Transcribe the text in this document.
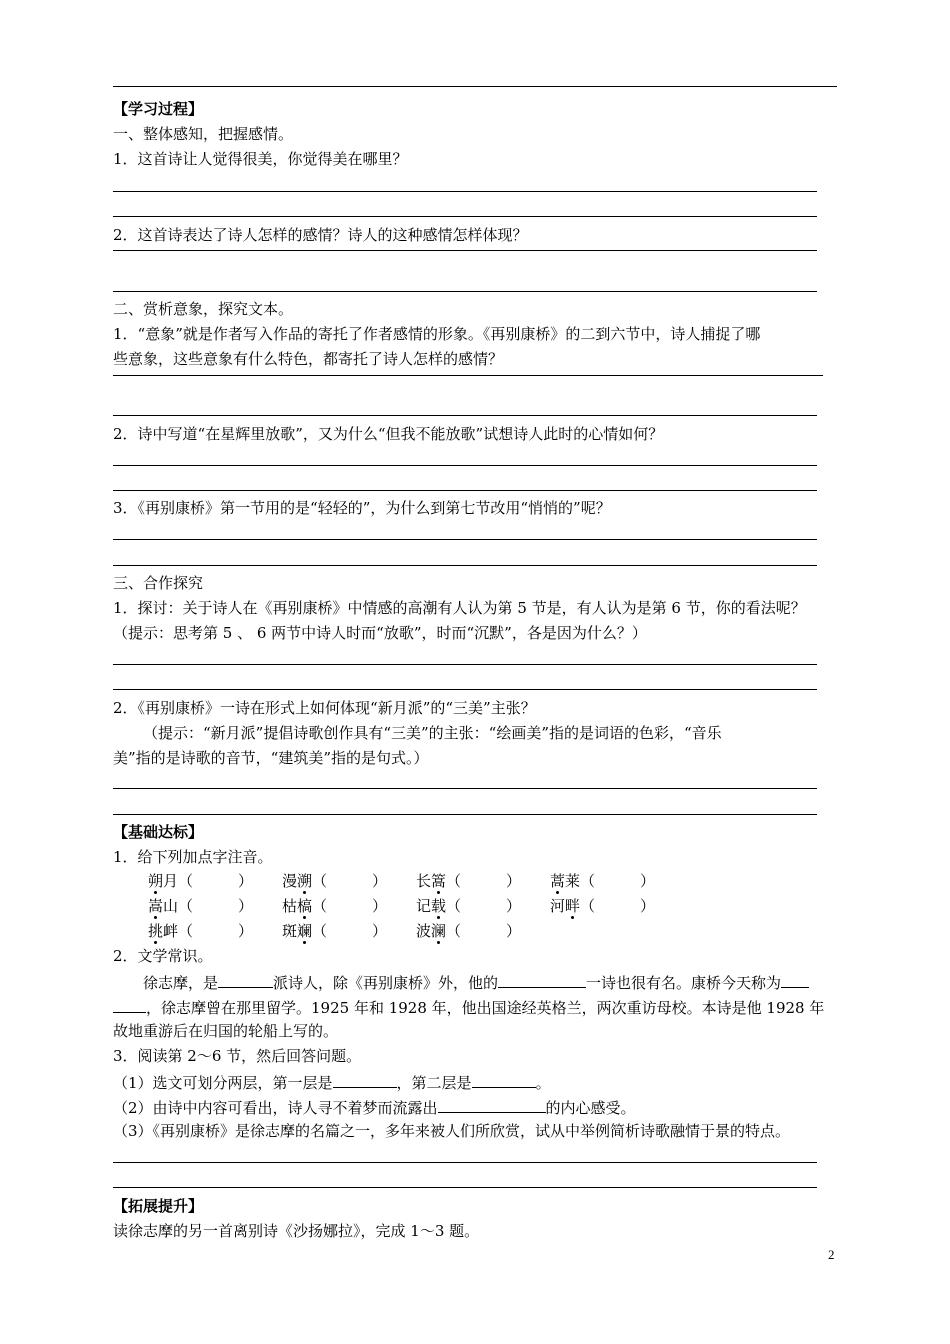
【学习过程】
一、整体感知，把握感情。
1．这首诗让人觉得很美，你觉得美在哪里？
2．这首诗表达了诗人怎样的感情？诗人的这种感情怎样体现？
二、赏析意象，探究文本。
1．“意象”就是作者写入作品的寄托了作者感情的形象。《再别康桥》的二到六节中，诗人捕捉了哪
些意象，这些意象有什么特色，都寄托了诗人怎样的感情？
2．诗中写道“在星辉里放歌”，又为什么“但我不能放歌”试想诗人此时的心情如何？
3．《再别康桥》第一节用的是“轻轻的”，为什么到第七节改用“悄悄的”呢？
三、合作探究
1．探讨：关于诗人在《再别康桥》中情感的高潮有人认为第 5 节是，有人认为是第 6 节，你的看法呢？
（提示：思考第 5 、 6 两节中诗人时而“放歌”，时而“沉默”，各是因为什么？）
2．《再别康桥》一诗在形式上如何体现“新月派”的“三美”主张？
（提示：“新月派”提倡诗歌创作具有“三美”的主张：“绘画美”指的是词语的色彩，“音乐
美”指的是诗歌的音节，“建筑美”指的是句式。）
【基础达标】
1．给下列加点字注音。
朔月（　　　） 漫溯（　　　） 长篙（　　　） 蒿莱（　　　）
嵩山（　　　） 枯槁（　　　） 记载（　　　） 河畔（　　　）
挑衅（　　　） 斑斓（　　　） 波澜（　　　）
2．文学常识。
徐志摩，是	派诗人，除《再别康桥》外，他的	一诗也很有名。康桥今天称为
，徐志摩曾在那里留学。1925 年和 1928 年，他出国途经英格兰，两次重访母校。本诗是他 1928 年
故地重游后在归国的轮船上写的。
3．阅读第 2～6 节，然后回答问题。
（1）选文可划分两层，第一层是	，第二层是	。
（2）由诗中内容可看出，诗人寻不着梦而流露出	的内心感受。
（3）《再别康桥》是徐志摩的名篇之一，多年来被人们所欣赏，试从中举例简析诗歌融情于景的特点。
【拓展提升】
读徐志摩的另一首离别诗《沙扬娜拉》，完成 1～3 题。
2
